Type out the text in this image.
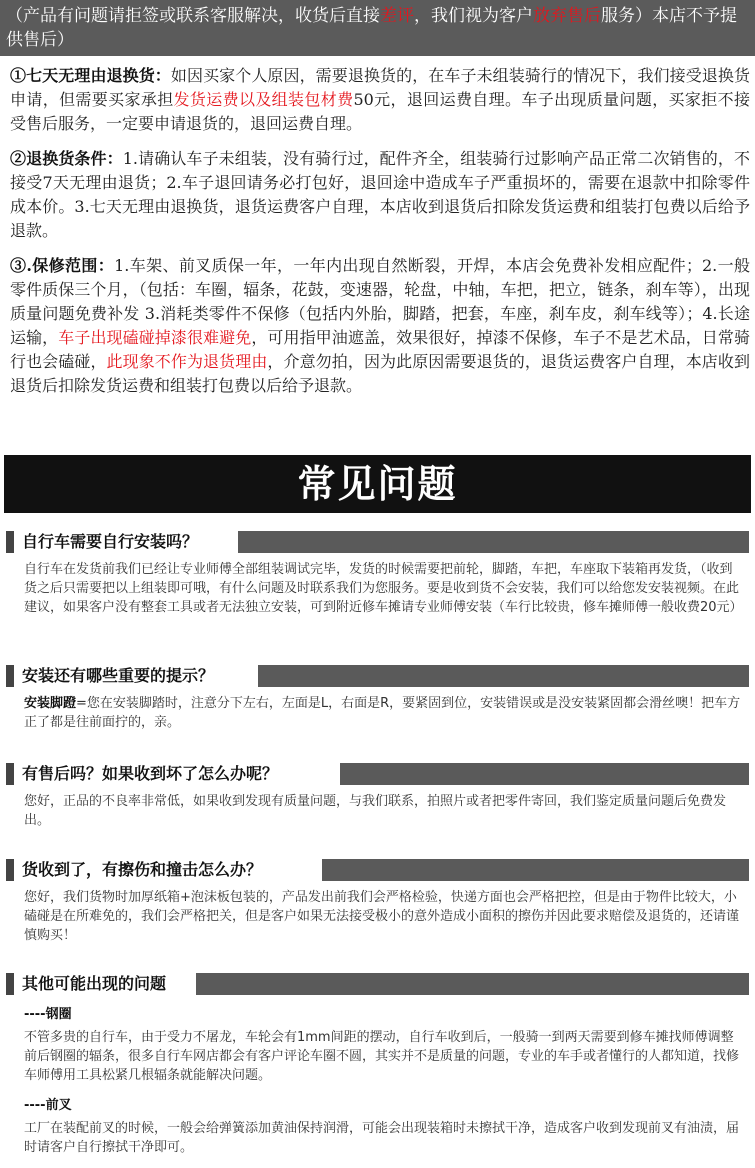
（产品有问题请拒签或联系客服解决，收货后直接差评，我们视为客户放弃售后服务）本店不予提供售后）

①七天无理由退换货：如因买家个人原因，需要退换货的，在车子未组装骑行的情况下，我们接受退换货申请，但需要买家承担发货运费以及组装包材费50元，退回运费自理。车子出现质量问题，买家拒不接受售后服务，一定要申请退货的，退回运费自理。

②退换货条件：1.请确认车子未组装，没有骑行过，配件齐全，组装骑行过影响产品正常二次销售的，不接受7天无理由退货；2.车子退回请务必打包好，退回途中造成车子严重损坏的，需要在退款中扣除零件成本价。3.七天无理由退换货，退货运费客户自理，本店收到退货后扣除发货运费和组装打包费以后给予退款。

③.保修范围：1.车架、前叉质保一年，一年内出现自然断裂，开焊，本店会免费补发相应配件；2.一般零件质保三个月，（包括：车圈，辐条，花鼓，变速器，轮盘，中轴，车把，把立，链条，刹车等），出现质量问题免费补发 3.消耗类零件不保修（包括内外胎，脚踏，把套，车座，刹车皮，刹车线等）；4.长途运输，车子出现磕碰掉漆很难避免，可用指甲油遮盖，效果很好，掉漆不保修，车子不是艺术品，日常骑行也会磕碰，此现象不作为退货理由，介意勿拍，因为此原因需要退货的，退货运费客户自理，本店收到退货后扣除发货运费和组装打包费以后给予退款。

常见问题
自行车需要自行安装吗？
自行车在发货前我们已经让专业师傅全部组装调试完毕，发货的时候需要把前轮，脚踏，车把，车座取下装箱再发货，（收到货之后只需要把以上组装即可哦，有什么问题及时联系我们为您服务。要是收到货不会安装，我们可以给您发安装视频。在此建议，如果客户没有整套工具或者无法独立安装，可到附近修车摊请专业师傅安装（车行比较贵，修车摊师傅一般收费20元）
安装还有哪些重要的提示？
安装脚蹬=您在安装脚踏时，注意分下左右，左面是L，右面是R，要紧固到位，安装错误或是没安装紧固都会滑丝噢！把车方正了都是往前面拧的，亲。
有售后吗？如果收到坏了怎么办呢？
您好，正品的不良率非常低，如果收到发现有质量问题，与我们联系，拍照片或者把零件寄回，我们鉴定质量问题后免费发出。
货收到了，有擦伤和撞击怎么办？
您好，我们货物时加厚纸箱+泡沫板包装的，产品发出前我们会严格检验，快递方面也会严格把控，但是由于物件比较大，小磕碰是在所难免的，我们会严格把关，但是客户如果无法接受极小的意外造成小面积的擦伤并因此要求赔偿及退货的，还请谨慎购买！
其他可能出现的问题
----钢圈
不管多贵的自行车，由于受力不屠龙，车轮会有1mm间距的摆动，自行车收到后，一般骑一到两天需要到修车摊找师傅调整前后钢圈的辐条，很多自行车网店都会有客户评论车圈不圆，其实并不是质量的问题，专业的车手或者懂行的人都知道，找修车师傅用工具松紧几根辐条就能解决问题。
----前叉
工厂在装配前叉的时候，一般会给弹簧添加黄油保持润滑，可能会出现装箱时未擦拭干净，造成客户收到发现前叉有油渍，届时请客户自行擦拭干净即可。
